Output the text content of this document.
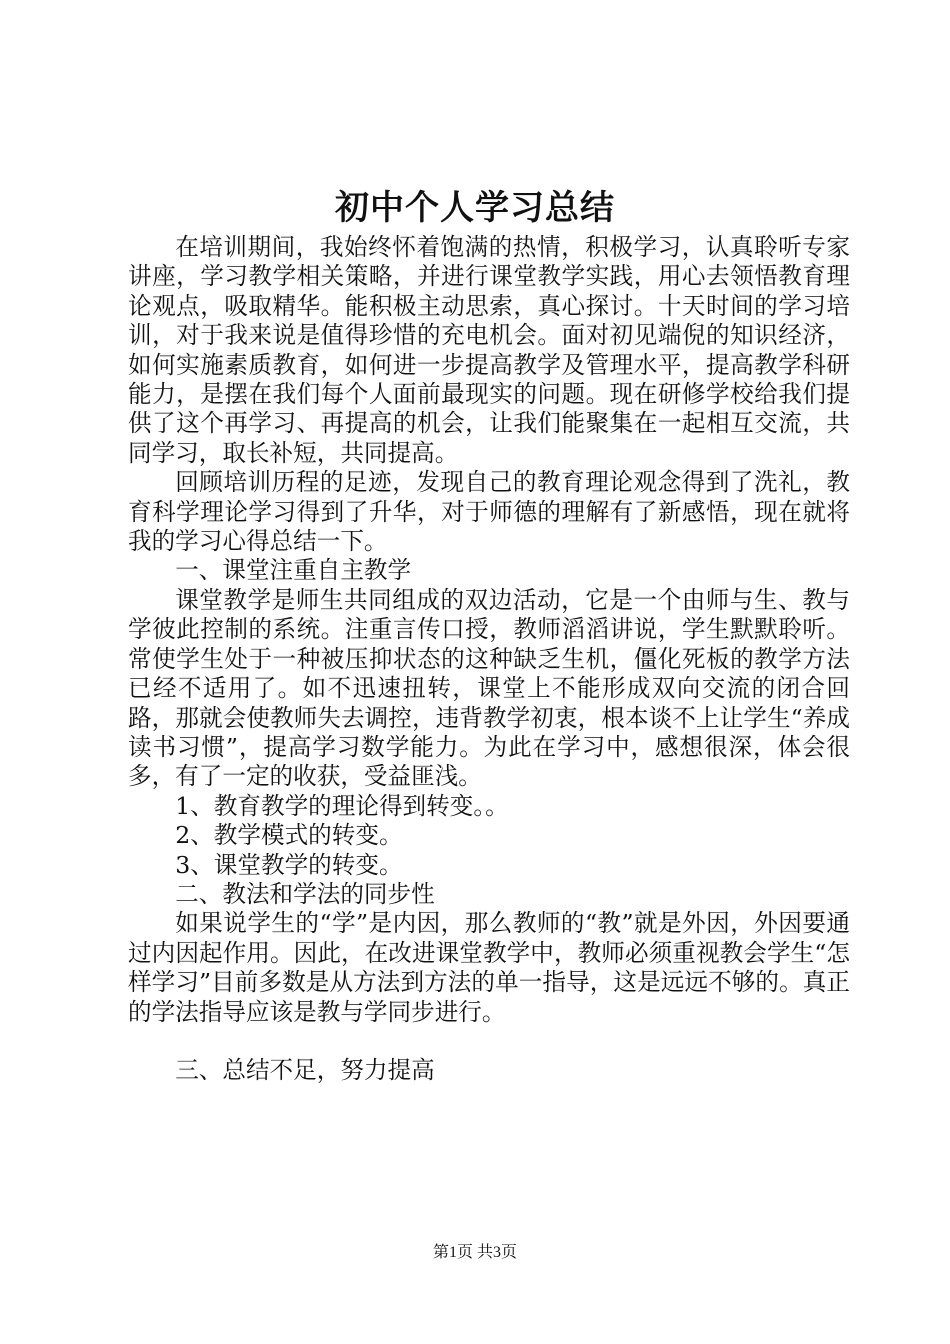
初中个人学习总结

在培训期间，我始终怀着饱满的热情，积极学习，认真聆听专家讲座，学习教学相关策略，并进行课堂教学实践，用心去领悟教育理论观点，吸取精华。能积极主动思索，真心探讨。十天时间的学习培训，对于我来说是值得珍惜的充电机会。面对初见端倪的知识经济，如何实施素质教育，如何进一步提高教学及管理水平，提高教学科研能力，是摆在我们每个人面前最现实的问题。现在研修学校给我们提供了这个再学习、再提高的机会，让我们能聚集在一起相互交流，共同学习，取长补短，共同提高。

回顾培训历程的足迹，发现自己的教育理论观念得到了洗礼，教育科学理论学习得到了升华，对于师德的理解有了新感悟，现在就将我的学习心得总结一下。

一、课堂注重自主教学

课堂教学是师生共同组成的双边活动，它是一个由师与生、教与学彼此控制的系统。注重言传口授，教师滔滔讲说，学生默默聆听。常使学生处于一种被压抑状态的这种缺乏生机，僵化死板的教学方法已经不适用了。如不迅速扭转，课堂上不能形成双向交流的闭合回路，那就会使教师失去调控，违背教学初衷，根本谈不上让学生“养成读书习惯”，提高学习数学能力。为此在学习中，感想很深，体会很多，有了一定的收获，受益匪浅。

1、教育教学的理论得到转变。。

2、教学模式的转变。

3、课堂教学的转变。

二、教法和学法的同步性

如果说学生的“学”是内因，那么教师的“教”就是外因，外因要通过内因起作用。因此，在改进课堂教学中，教师必须重视教会学生“怎样学习”目前多数是从方法到方法的单一指导，这是远远不够的。真正的学法指导应该是教与学同步进行。

三、总结不足，努力提高

第1页 共3页
